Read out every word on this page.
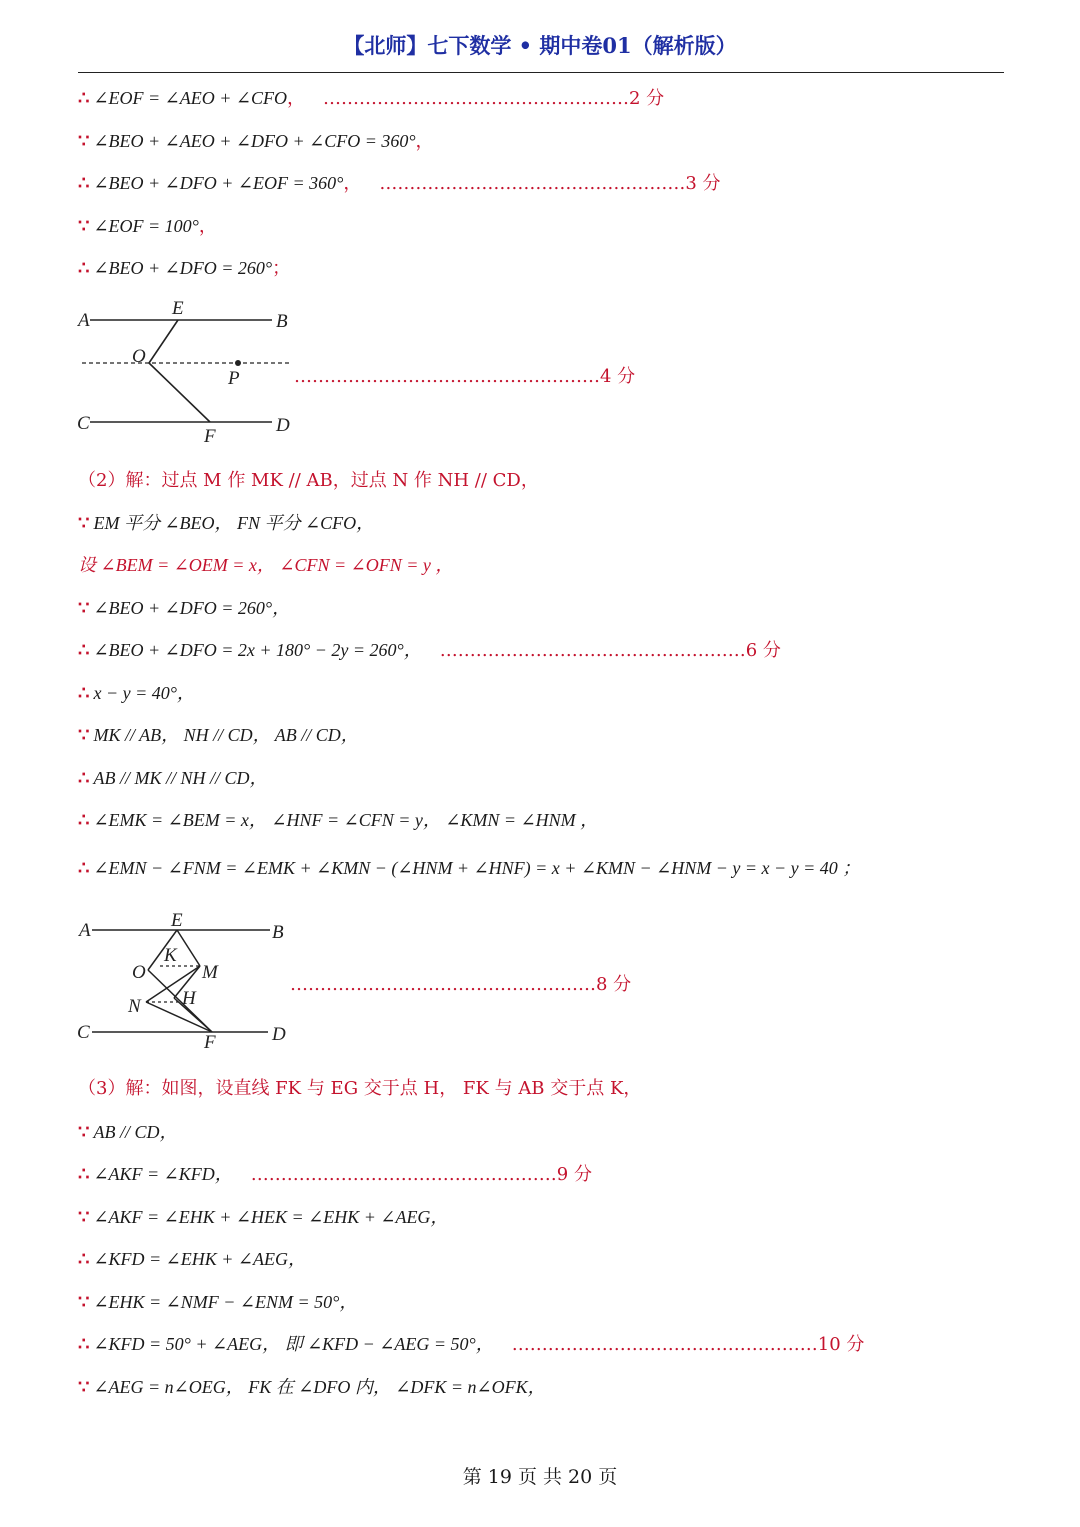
【北师】七下数学 • 期中卷01（解析版）
∴ ∠EOF = ∠AEO + ∠CFO， ……………………………………………2 分
∵ ∠BEO + ∠AEO + ∠DFO + ∠CFO = 360°，
∴ ∠BEO + ∠DFO + ∠EOF = 360°， ……………………………………………3 分
∵ ∠EOF = 100°，
∴ ∠BEO + ∠DFO = 260°；
A
E
B
O
P
C
F
D
……………………………………………4 分
（2）解：过点 M 作 MK // AB，过点 N 作 NH // CD，
∵ EM 平分 ∠BEO， FN 平分 ∠CFO，
设 ∠BEM = ∠OEM = x， ∠CFN = ∠OFN = y ，
∵ ∠BEO + ∠DFO = 260°，
∴ ∠BEO + ∠DFO = 2x + 180° − 2y = 260°， ……………………………………………6 分
∴ x − y = 40°，
∵ MK // AB， NH // CD， AB // CD，
∴ AB // MK // NH // CD，
∴ ∠EMK = ∠BEM = x， ∠HNF = ∠CFN = y， ∠KMN = ∠HNM ，
∴ ∠EMN − ∠FNM = ∠EMK + ∠KMN − (∠HNM + ∠HNF) = x + ∠KMN − ∠HNM − y = x − y = 40 ；
A	E
B
K
O	M
N H
C	F	D
……………………………………………8 分
（3）解：如图，设直线 FK 与 EG 交于点 H， FK 与 AB 交于点 K，
∵ AB // CD，
∴ ∠AKF = ∠KFD， ……………………………………………9 分
∵ ∠AKF = ∠EHK + ∠HEK = ∠EHK + ∠AEG，
∴ ∠KFD = ∠EHK + ∠AEG，
∵ ∠EHK = ∠NMF − ∠ENM = 50°，
∴ ∠KFD = 50° + ∠AEG， 即 ∠KFD − ∠AEG = 50°， ……………………………………………10 分
∵ ∠AEG = n∠OEG， FK 在 ∠DFO 内， ∠DFK = n∠OFK，
第 19 页 共 20 页
